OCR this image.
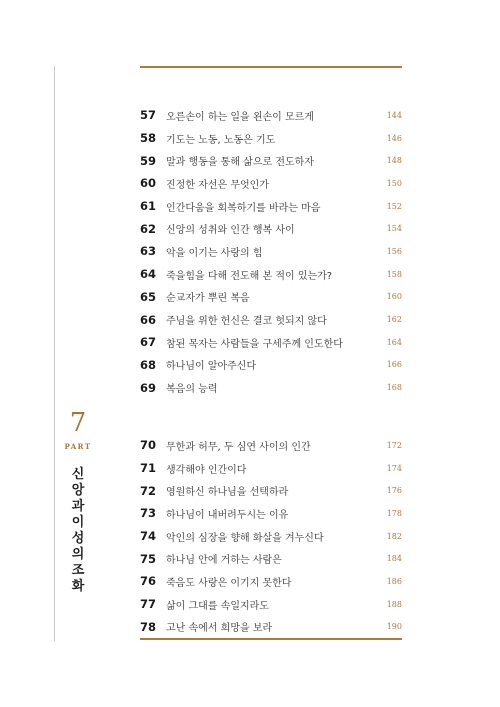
7
PART
신앙과 이성의 조화
57 오른손이 하는 일을 왼손이 모르게	144
58 기도는 노동, 노동은 기도	146
59 말과 행동을 통해 삶으로 전도하자	148
60 진정한 자선은 무엇인가	150
61 인간다움을 회복하기를 바라는 마음	152
62 신앙의 성취와 인간 행복 사이	154
63 악을 이기는 사랑의 힘	156
64 죽을힘을 다해 전도해 본 적이 있는가?	158
65 순교자가 뿌린 복음	160
66 주님을 위한 헌신은 결코 헛되지 않다	162
67 참된 목자는 사람들을 구세주께 인도한다	164
68 하나님이 알아주신다	166
69 복음의 능력	168
70 무한과 허무, 두 심연 사이의 인간	172
71 생각해야 인간이다	174
72 영원하신 하나님을 선택하라	176
73 하나님이 내버려두시는 이유	178
74 악인의 심장을 향해 화살을 겨누신다	182
75 하나님 안에 거하는 사람은	184
76 죽음도 사랑은 이기지 못한다	186
77 삶이 그대를 속일지라도	188
78 고난 속에서 희망을 보라	190
